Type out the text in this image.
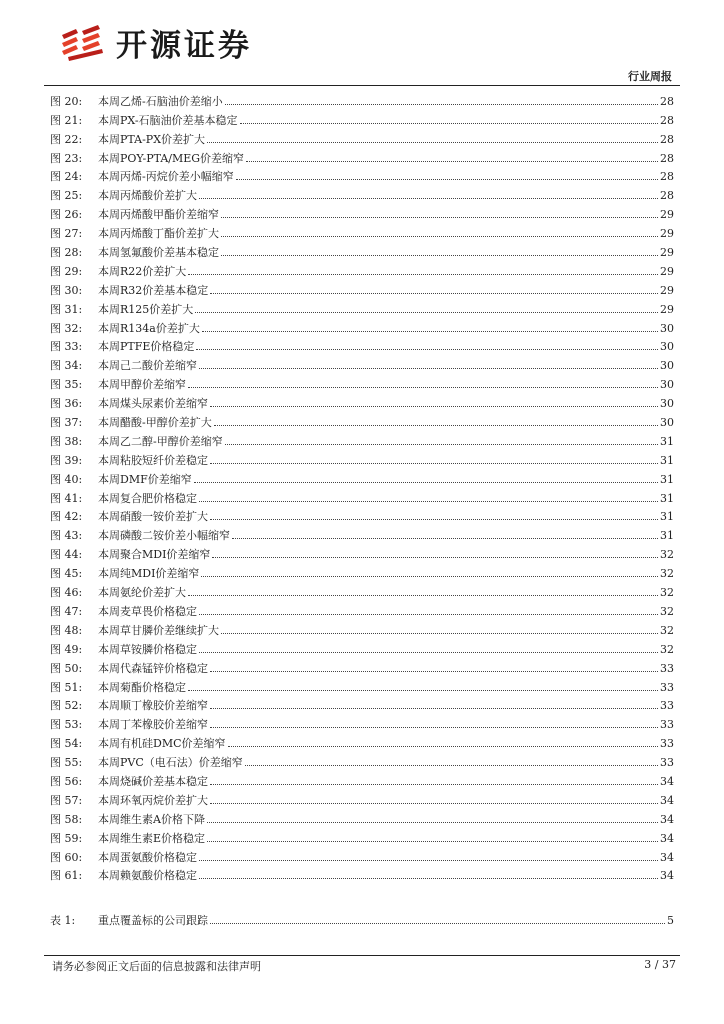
开源证券
行业周报
图 20:	本周乙烯-石脑油价差缩小	28
图 21:	本周PX-石脑油价差基本稳定	28
图 22:	本周PTA-PX价差扩大	28
图 23:	本周POY-PTA/MEG价差缩窄	28
图 24:	本周丙烯-丙烷价差小幅缩窄	28
图 25:	本周丙烯酸价差扩大	28
图 26:	本周丙烯酸甲酯价差缩窄	29
图 27:	本周丙烯酸丁酯价差扩大	29
图 28:	本周氢氟酸价差基本稳定	29
图 29:	本周R22价差扩大	29
图 30:	本周R32价差基本稳定	29
图 31:	本周R125价差扩大	29
图 32:	本周R134a价差扩大	30
图 33:	本周PTFE价格稳定	30
图 34:	本周己二酸价差缩窄	30
图 35:	本周甲醇价差缩窄	30
图 36:	本周煤头尿素价差缩窄	30
图 37:	本周醋酸-甲醇价差扩大	30
图 38:	本周乙二醇-甲醇价差缩窄	31
图 39:	本周粘胶短纤价差稳定	31
图 40:	本周DMF价差缩窄	31
图 41:	本周复合肥价格稳定	31
图 42:	本周硝酸一铵价差扩大	31
图 43:	本周磷酸二铵价差小幅缩窄	31
图 44:	本周聚合MDI价差缩窄	32
图 45:	本周纯MDI价差缩窄	32
图 46:	本周氨纶价差扩大	32
图 47:	本周麦草畏价格稳定	32
图 48:	本周草甘膦价差继续扩大	32
图 49:	本周草铵膦价格稳定	32
图 50:	本周代森锰锌价格稳定	33
图 51:	本周菊酯价格稳定	33
图 52:	本周顺丁橡胶价差缩窄	33
图 53:	本周丁苯橡胶价差缩窄	33
图 54:	本周有机硅DMC价差缩窄	33
图 55:	本周PVC（电石法）价差缩窄	33
图 56:	本周烧碱价差基本稳定	34
图 57:	本周环氧丙烷价差扩大	34
图 58:	本周维生素A价格下降	34
图 59:	本周维生素E价格稳定	34
图 60:	本周蛋氨酸价格稳定	34
图 61:	本周赖氨酸价格稳定	34
表 1:	重点覆盖标的公司跟踪	5
请务必参阅正文后面的信息披露和法律声明	3 / 37
